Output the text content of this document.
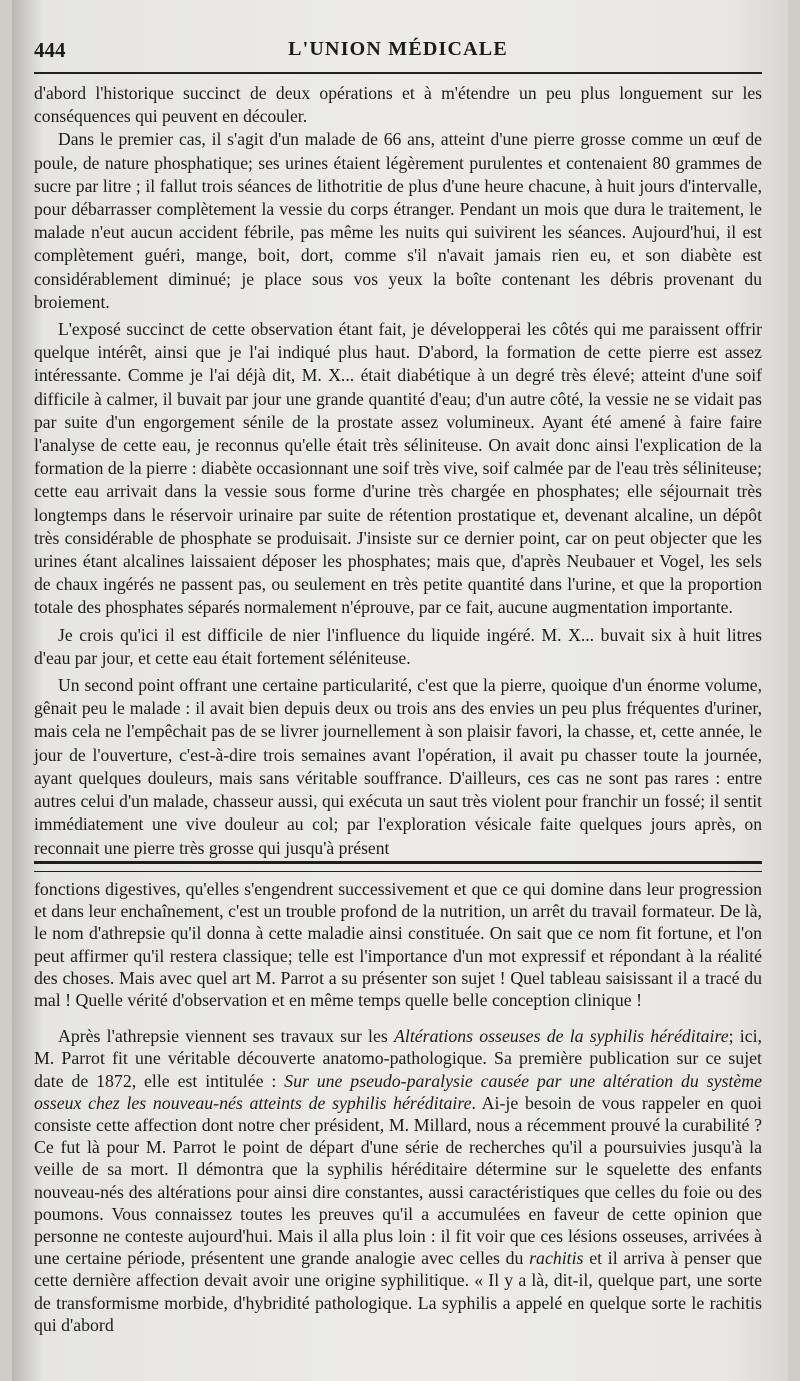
444	L'UNION MÉDICALE

d'abord l'historique succinct de deux opérations et à m'étendre un peu plus longuement sur les conséquences qui peuvent en découler.

Dans le premier cas, il s'agit d'un malade de 66 ans, atteint d'une pierre grosse comme un œuf de poule, de nature phosphatique; ses urines étaient légèrement purulentes et contenaient 80 grammes de sucre par litre ; il fallut trois séances de lithotritie de plus d'une heure chacune, à huit jours d'intervalle, pour débarrasser complètement la vessie du corps étranger. Pendant un mois que dura le traitement, le malade n'eut aucun accident fébrile, pas même les nuits qui suivirent les séances. Aujourd'hui, il est complètement guéri, mange, boit, dort, comme s'il n'avait jamais rien eu, et son diabète est considérablement diminué; je place sous vos yeux la boîte contenant les débris provenant du broiement.

L'exposé succinct de cette observation étant fait, je développerai les côtés qui me paraissent offrir quelque intérêt, ainsi que je l'ai indiqué plus haut. D'abord, la formation de cette pierre est assez intéressante. Comme je l'ai déjà dit, M. X... était diabétique à un degré très élevé; atteint d'une soif difficile à calmer, il buvait par jour une grande quantité d'eau; d'un autre côté, la vessie ne se vidait pas par suite d'un engorgement sénile de la prostate assez volumineux. Ayant été amené à faire faire l'analyse de cette eau, je reconnus qu'elle était très séliniteuse. On avait donc ainsi l'explication de la formation de la pierre : diabète occasionnant une soif très vive, soif calmée par de l'eau très séliniteuse; cette eau arrivait dans la vessie sous forme d'urine très chargée en phosphates; elle séjournait très longtemps dans le réservoir urinaire par suite de rétention prostatique et, devenant alcaline, un dépôt très considérable de phosphate se produisait. J'insiste sur ce dernier point, car on peut objecter que les urines étant alcalines laissaient déposer les phosphates; mais que, d'après Neubauer et Vogel, les sels de chaux ingérés ne passent pas, ou seulement en très petite quantité dans l'urine, et que la proportion totale des phosphates séparés normalement n'éprouve, par ce fait, aucune augmentation importante.

Je crois qu'ici il est difficile de nier l'influence du liquide ingéré. M. X... buvait six à huit litres d'eau par jour, et cette eau était fortement séléniteuse.

Un second point offrant une certaine particularité, c'est que la pierre, quoique d'un énorme volume, gênait peu le malade : il avait bien depuis deux ou trois ans des envies un peu plus fréquentes d'uriner, mais cela ne l'empêchait pas de se livrer journellement à son plaisir favori, la chasse, et, cette année, le jour de l'ouverture, c'est-à-dire trois semaines avant l'opération, il avait pu chasser toute la journée, ayant quelques douleurs, mais sans véritable souffrance. D'ailleurs, ces cas ne sont pas rares : entre autres celui d'un malade, chasseur aussi, qui exécuta un saut très violent pour franchir un fossé; il sentit immédiatement une vive douleur au col; par l'exploration vésicale faite quelques jours après, on reconnait une pierre très grosse qui jusqu'à présent

fonctions digestives, qu'elles s'engendrent successivement et que ce qui domine dans leur progression et dans leur enchaînement, c'est un trouble profond de la nutrition, un arrêt du travail formateur. De là, le nom d'athrepsie qu'il donna à cette maladie ainsi constituée. On sait que ce nom fit fortune, et l'on peut affirmer qu'il restera classique; telle est l'importance d'un mot expressif et répondant à la réalité des choses. Mais avec quel art M. Parrot a su présenter son sujet ! Quel tableau saisissant il a tracé du mal ! Quelle vérité d'observation et en même temps quelle belle conception clinique !

Après l'athrepsie viennent ses travaux sur les Altérations osseuses de la syphilis héréditaire; ici, M. Parrot fit une véritable découverte anatomo-pathologique. Sa première publication sur ce sujet date de 1872, elle est intitulée : Sur une pseudo-paralysie causée par une altération du système osseux chez les nouveau-nés atteints de syphilis héréditaire. Ai-je besoin de vous rappeler en quoi consiste cette affection dont notre cher président, M. Millard, nous a récemment prouvé la curabilité ? Ce fut là pour M. Parrot le point de départ d'une série de recherches qu'il a poursuivies jusqu'à la veille de sa mort. Il démontra que la syphilis héréditaire détermine sur le squelette des enfants nouveau-nés des altérations pour ainsi dire constantes, aussi caractéristiques que celles du foie ou des poumons. Vous connaissez toutes les preuves qu'il a accumulées en faveur de cette opinion que personne ne conteste aujourd'hui. Mais il alla plus loin : il fit voir que ces lésions osseuses, arrivées à une certaine période, présentent une grande analogie avec celles du rachitis et il arriva à penser que cette dernière affection devait avoir une origine syphilitique. « Il y a là, dit-il, quelque part, une sorte de transformisme morbide, d'hybridité pathologique. La syphilis a appelé en quelque sorte le rachitis qui d'abord
